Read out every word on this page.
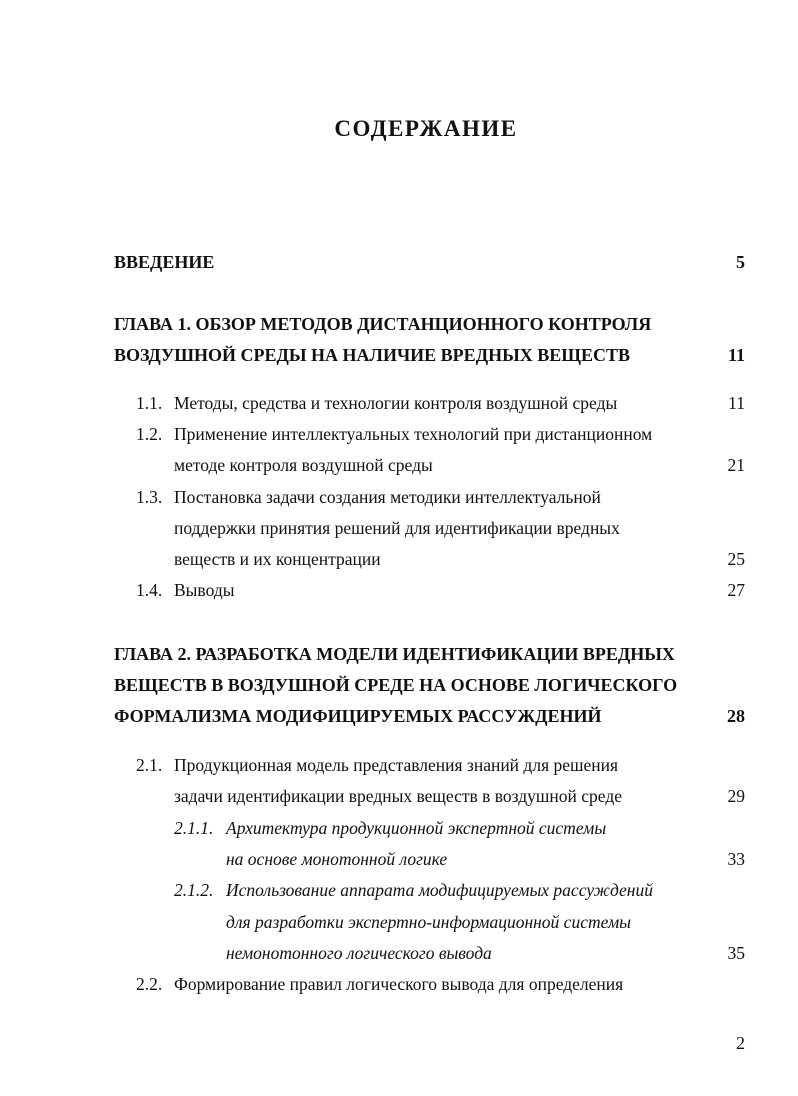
СОДЕРЖАНИЕ
ВВЕДЕНИЕ	5
ГЛАВА 1. ОБЗОР МЕТОДОВ ДИСТАНЦИОННОГО КОНТРОЛЯ
ВОЗДУШНОЙ СРЕДЫ НА НАЛИЧИЕ ВРЕДНЫХ ВЕЩЕСТВ	11
1.1. Методы, средства и технологии контроля воздушной среды	11
1.2. Применение интеллектуальных технологий при дистанционном
методе контроля воздушной среды	21
1.3. Постановка задачи создания методики интеллектуальной
поддержки принятия решений для идентификации вредных
веществ и их концентрации	25
1.4. Выводы	27
ГЛАВА 2. РАЗРАБОТКА МОДЕЛИ ИДЕНТИФИКАЦИИ ВРЕДНЫХ
ВЕЩЕСТВ В ВОЗДУШНОЙ СРЕДЕ НА ОСНОВЕ ЛОГИЧЕСКОГО
ФОРМАЛИЗМА МОДИФИЦИРУЕМЫХ РАССУЖДЕНИЙ	28
2.1. Продукционная модель представления знаний для решения
задачи идентификации вредных веществ в воздушной среде	29
2.1.1. Архитектура продукционной экспертной системы
на основе монотонной логике	33
2.1.2. Использование аппарата модифицируемых рассуждений
для разработки экспертно-информационной системы
немонотонного логического вывода	35
2.2. Формирование правил логического вывода для определения
2
